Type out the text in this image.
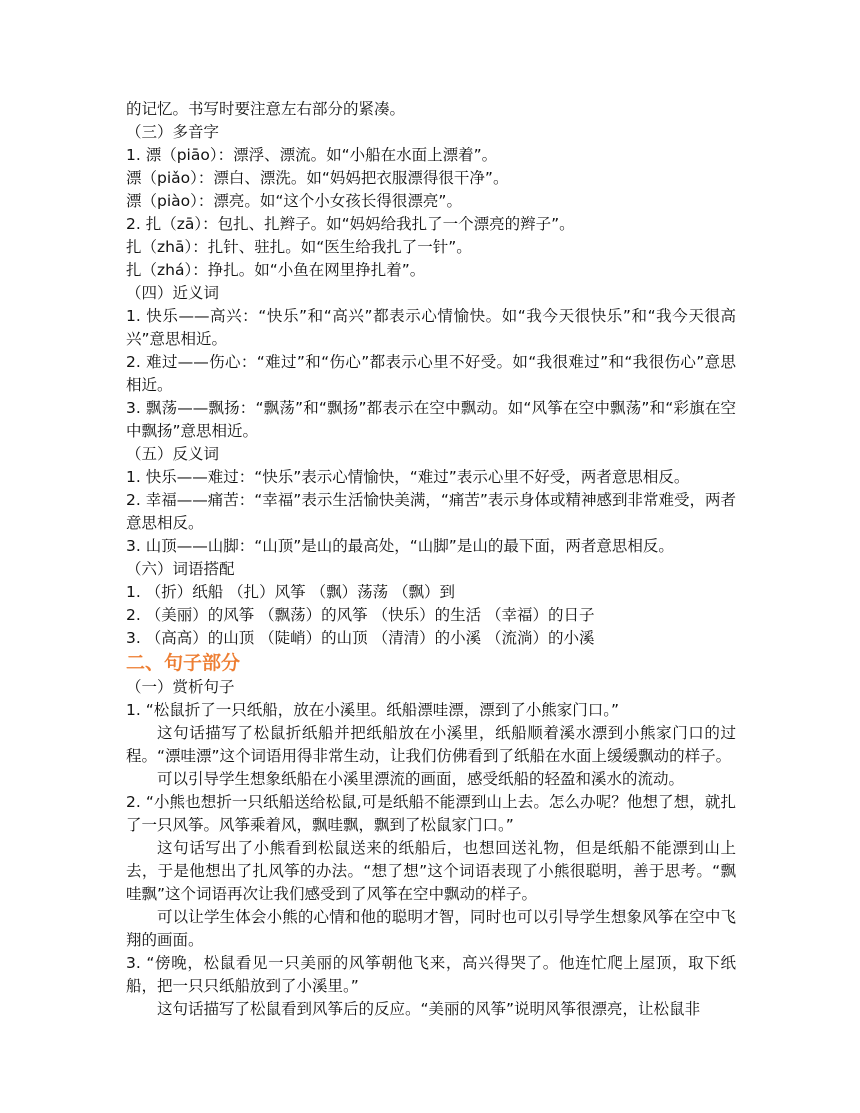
的记忆。书写时要注意左右部分的紧凑。
（三）多音字
1. 漂（piāo）：漂浮、漂流。如“小船在水面上漂着”。
漂（piǎo）：漂白、漂洗。如“妈妈把衣服漂得很干净”。
漂（piào）：漂亮。如“这个小女孩长得很漂亮”。
2. 扎（zā）：包扎、扎辫子。如“妈妈给我扎了一个漂亮的辫子”。
扎（zhā）：扎针、驻扎。如“医生给我扎了一针”。
扎（zhá）：挣扎。如“小鱼在网里挣扎着”。
（四）近义词
1. 快乐——高兴：“快乐”和“高兴”都表示心情愉快。如“我今天很快乐”和“我今天很高兴”意思相近。
2. 难过——伤心：“难过”和“伤心”都表示心里不好受。如“我很难过”和“我很伤心”意思相近。
3. 飘荡——飘扬：“飘荡”和“飘扬”都表示在空中飘动。如“风筝在空中飘荡”和“彩旗在空中飘扬”意思相近。
（五）反义词
1. 快乐——难过：“快乐”表示心情愉快，“难过”表示心里不好受，两者意思相反。
2. 幸福——痛苦：“幸福”表示生活愉快美满，“痛苦”表示身体或精神感到非常难受，两者意思相反。
3. 山顶——山脚：“山顶”是山的最高处，“山脚”是山的最下面，两者意思相反。
（六）词语搭配
1. （折）纸船 （扎）风筝 （飘）荡荡 （飘）到
2. （美丽）的风筝 （飘荡）的风筝 （快乐）的生活 （幸福）的日子
3. （高高）的山顶 （陡峭）的山顶 （清清）的小溪 （流淌）的小溪
二、句子部分
（一）赏析句子
1. “松鼠折了一只纸船，放在小溪里。纸船漂哇漂，漂到了小熊家门口。”
这句话描写了松鼠折纸船并把纸船放在小溪里，纸船顺着溪水漂到小熊家门口的过程。“漂哇漂”这个词语用得非常生动，让我们仿佛看到了纸船在水面上缓缓飘动的样子。
可以引导学生想象纸船在小溪里漂流的画面，感受纸船的轻盈和溪水的流动。
2. “小熊也想折一只纸船送给松鼠,可是纸船不能漂到山上去。怎么办呢？他想了想，就扎了一只风筝。风筝乘着风，飘哇飘，飘到了松鼠家门口。”
这句话写出了小熊看到松鼠送来的纸船后，也想回送礼物，但是纸船不能漂到山上去，于是他想出了扎风筝的办法。“想了想”这个词语表现了小熊很聪明，善于思考。“飘哇飘”这个词语再次让我们感受到了风筝在空中飘动的样子。
可以让学生体会小熊的心情和他的聪明才智，同时也可以引导学生想象风筝在空中飞翔的画面。
3. “傍晚，松鼠看见一只美丽的风筝朝他飞来，高兴得哭了。他连忙爬上屋顶，取下纸船，把一只只纸船放到了小溪里。”
这句话描写了松鼠看到风筝后的反应。“美丽的风筝”说明风筝很漂亮，让松鼠非
